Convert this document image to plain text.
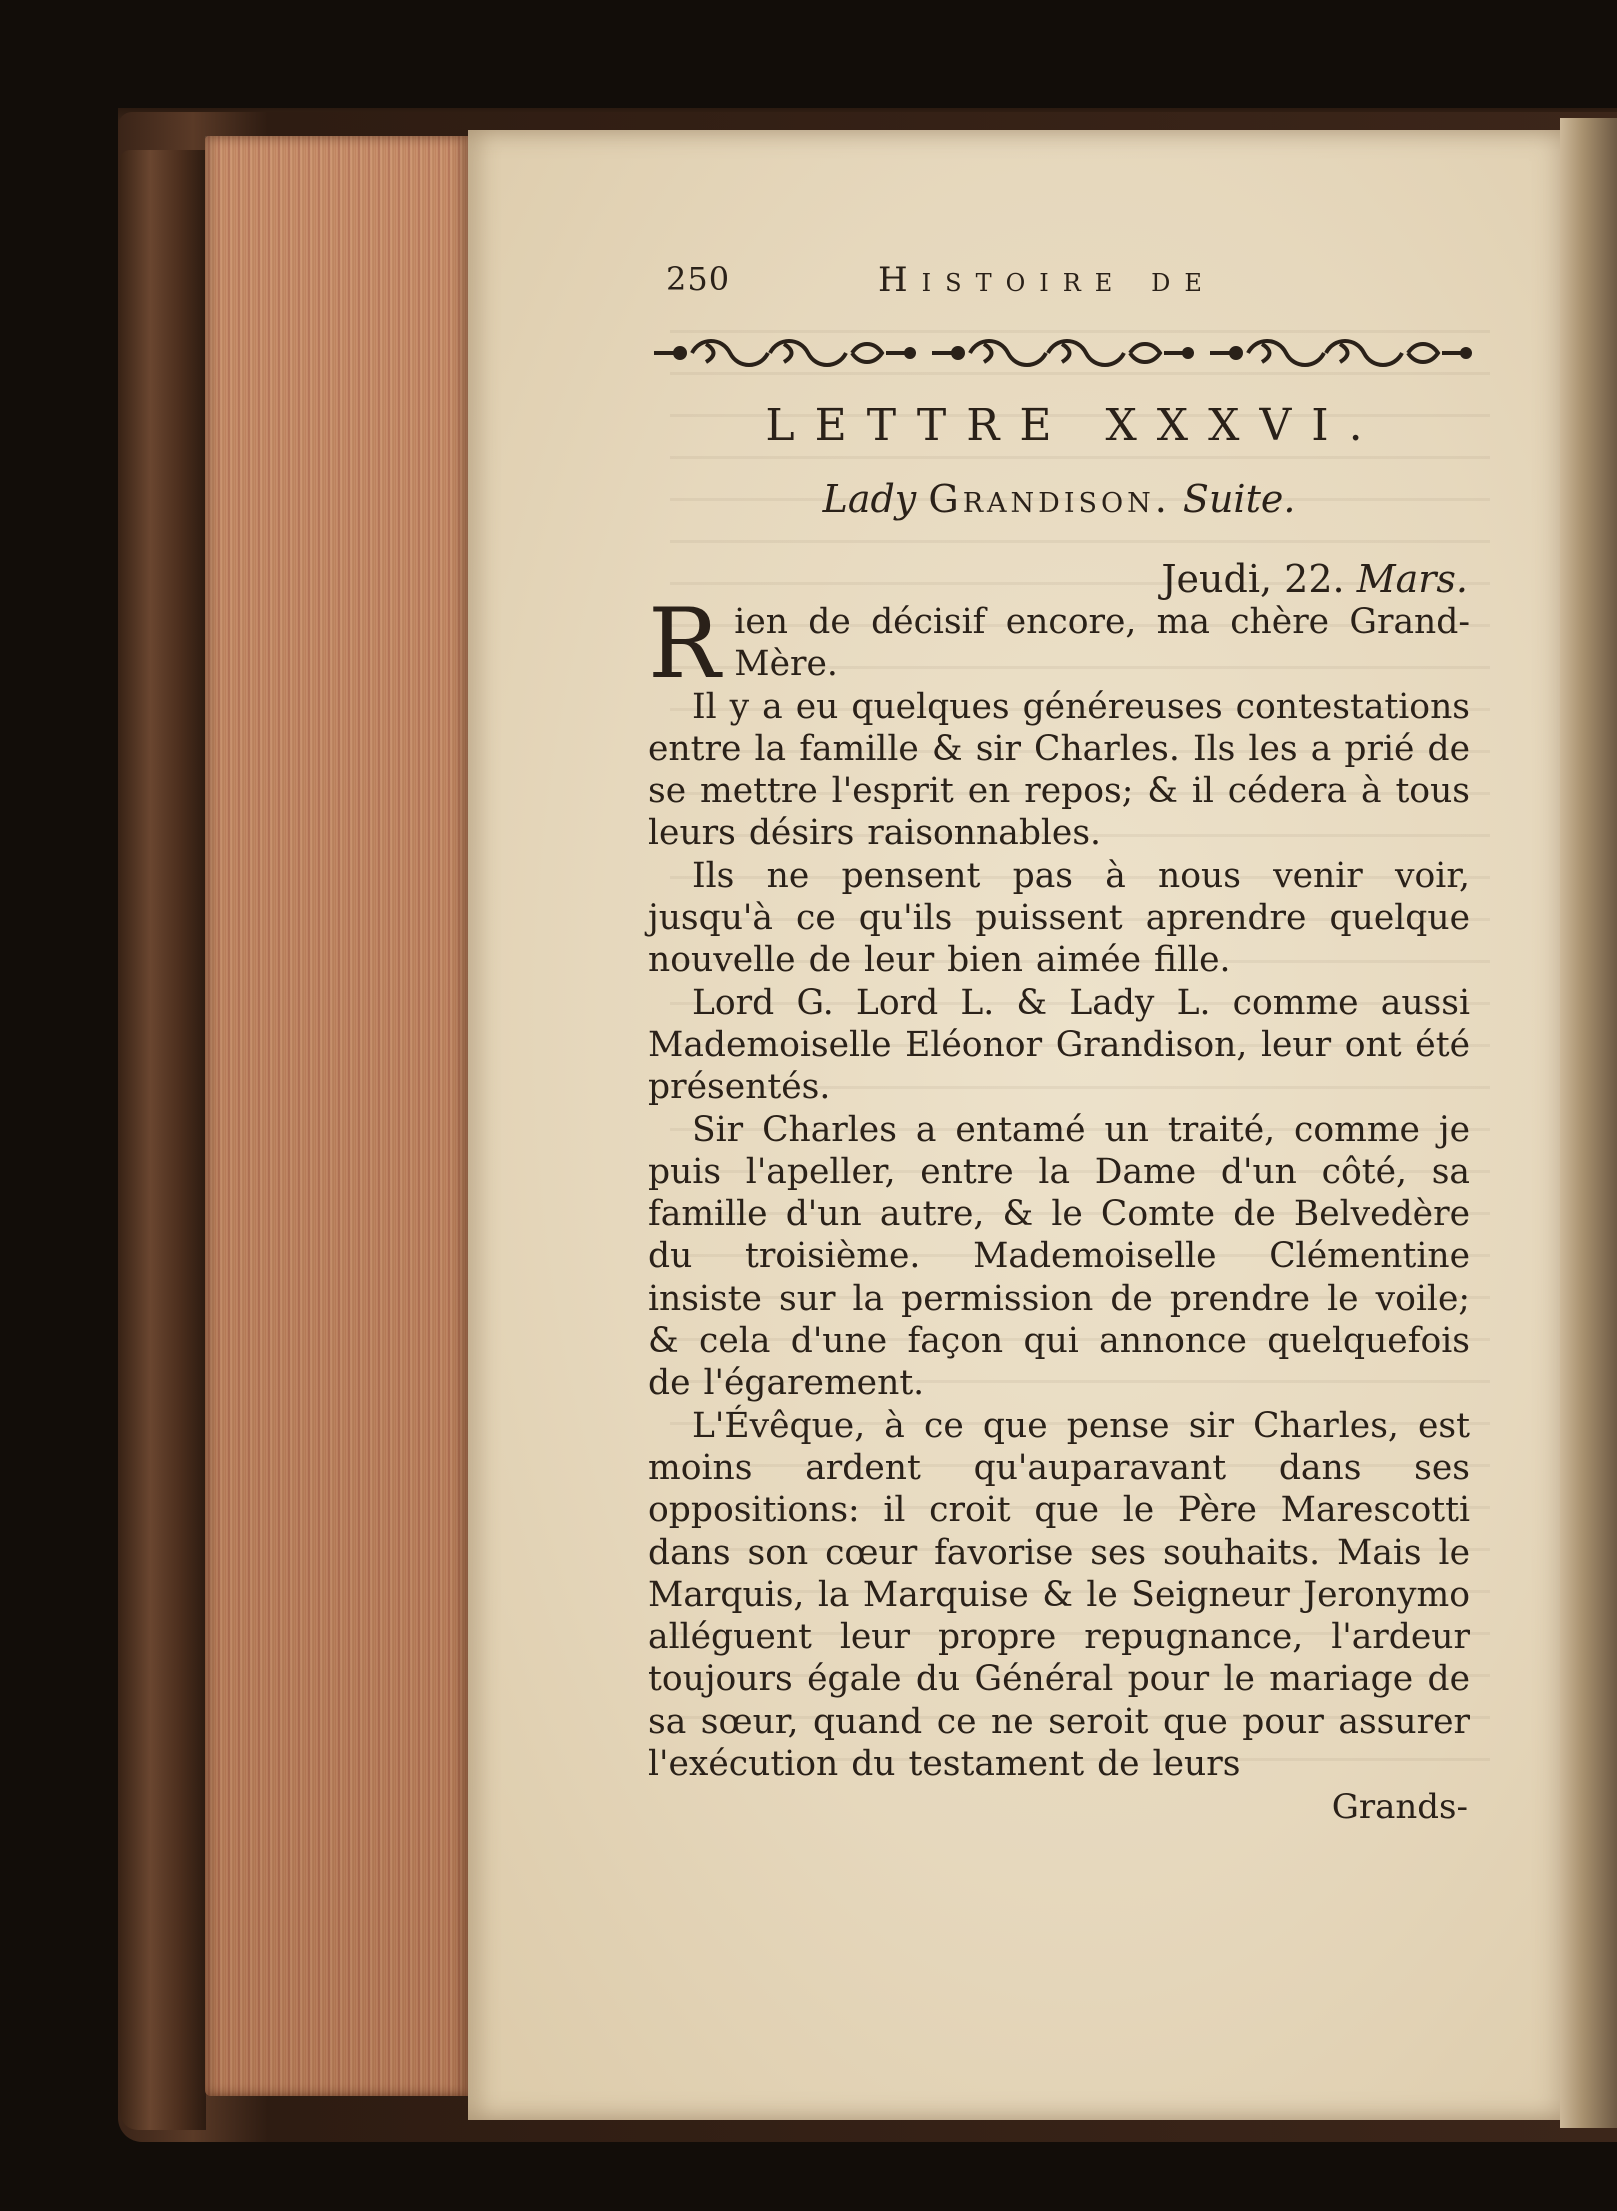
250	Histoire de
LETTRE XXXVI.
Lady Grandison. Suite.
Jeudi, 22. Mars.

Rien de décisif encore, ma chère Grand-Mère.

Il y a eu quelques généreuses contestations entre la famille & sir Charles. Ils les a prié de se mettre l'esprit en repos; & il cédera à tous leurs désirs raisonnables.

Ils ne pensent pas à nous venir voir, jusqu'à ce qu'ils puissent aprendre quelque nouvelle de leur bien aimée fille.

Lord G. Lord L. & Lady L. comme aussi Mademoiselle Eléonor Grandison, leur ont été présentés.

Sir Charles a entamé un traité, comme je puis l'apeller, entre la Dame d'un côté, sa famille d'un autre, & le Comte de Belvedère du troisième. Mademoiselle Clémentine insiste sur la permission de prendre le voile; & cela d'une façon qui annonce quelquefois de l'égarement.

L'Évêque, à ce que pense sir Charles, est moins ardent qu'auparavant dans ses oppositions: il croit que le Père Marescotti dans son cœur favorise ses souhaits. Mais le Marquis, la Marquise & le Seigneur Jeronymo alléguent leur propre repugnance, l'ardeur toujours égale du Général pour le mariage de sa sœur, quand ce ne seroit que pour assurer l'exécution du testament de leurs

Grands-
